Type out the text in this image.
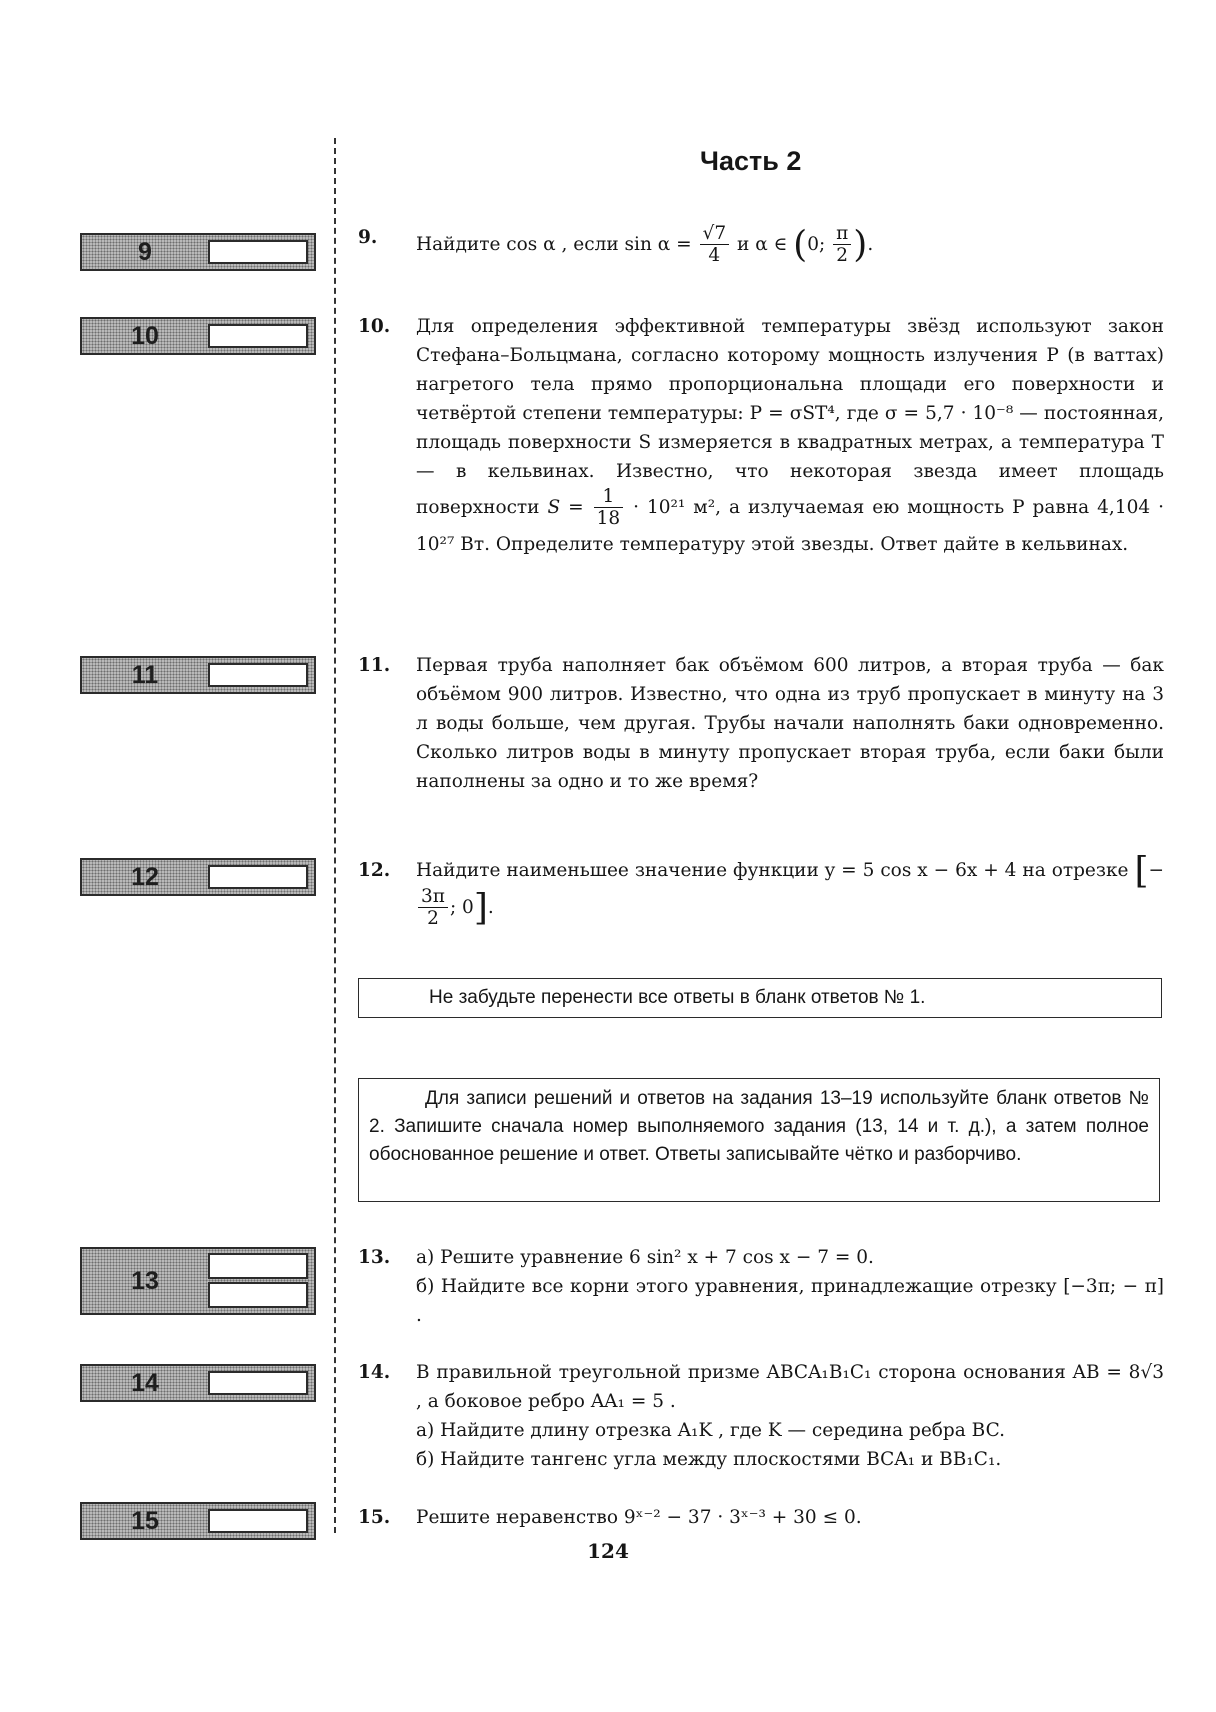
Часть 2
9
10
11
12
13
14
15
9. Найдите cos α , если $\sin \alpha = \frac{√7}{4}$ и α ∈ (0; $\frac{\pi}{2}$ ).
10. Для определения эффективной температуры звёзд используют закон Стефана–Больцмана, согласно которому мощность излучения P (в ваттах) нагретого тела прямо пропорциональна площади его поверхности и четвёртой степени температуры: P = σST⁴, где σ = 5,7 · 10⁻⁸ — постоянная, площадь поверхности S измеряется в квадратных метрах, а температура T — в кельвинах. Известно, что некоторая звезда имеет площадь поверхности $S = \frac{1}{18} \cdot 10^{21}$ м², а излучаемая ею мощность P равна 4,104 · 10²⁷ Вт. Определите температуру этой звезды. Ответ дайте в кельвинах.

11. Первая труба наполняет бак объёмом 600 литров, а вторая труба — бак объёмом 900 литров. Известно, что одна из труб пропускает в минуту на 3 л воды больше, чем другая. Трубы начали наполнять баки одновременно. Сколько литров воды в минуту пропускает вторая труба, если баки были наполнены за одно и то же время?

12. Найдите наименьшее значение функции y = 5 cos x − 6x + 4 на отрезке [−
$\frac{3\pi}{2}$ ; 0].
Не забудьте перенести все ответы в бланк ответов № 1.
Для записи решений и ответов на задания 13–19 используйте бланк ответов № 2. Запишите сначала номер выполняемого задания (13, 14 и т. д.), а затем полное обоснованное решение и ответ. Ответы записывайте чётко и разборчиво.
13. а) Решите уравнение 6 sin² x + 7 cos x − 7 = 0.

б) Найдите все корни этого уравнения, принадлежащие отрезку [−3π; − π] .

14. В правильной треугольной призме ABCA₁B₁C₁ сторона основания AB = 8√3 , а боковое ребро AA₁ = 5 .

а) Найдите длину отрезка A₁K , где K — середина ребра BC.

б) Найдите тангенс угла между плоскостями BCA₁ и BB₁C₁.

15. Решите неравенство 9ˣ⁻² − 37 · 3ˣ⁻³ + 30 ≤ 0.

124
